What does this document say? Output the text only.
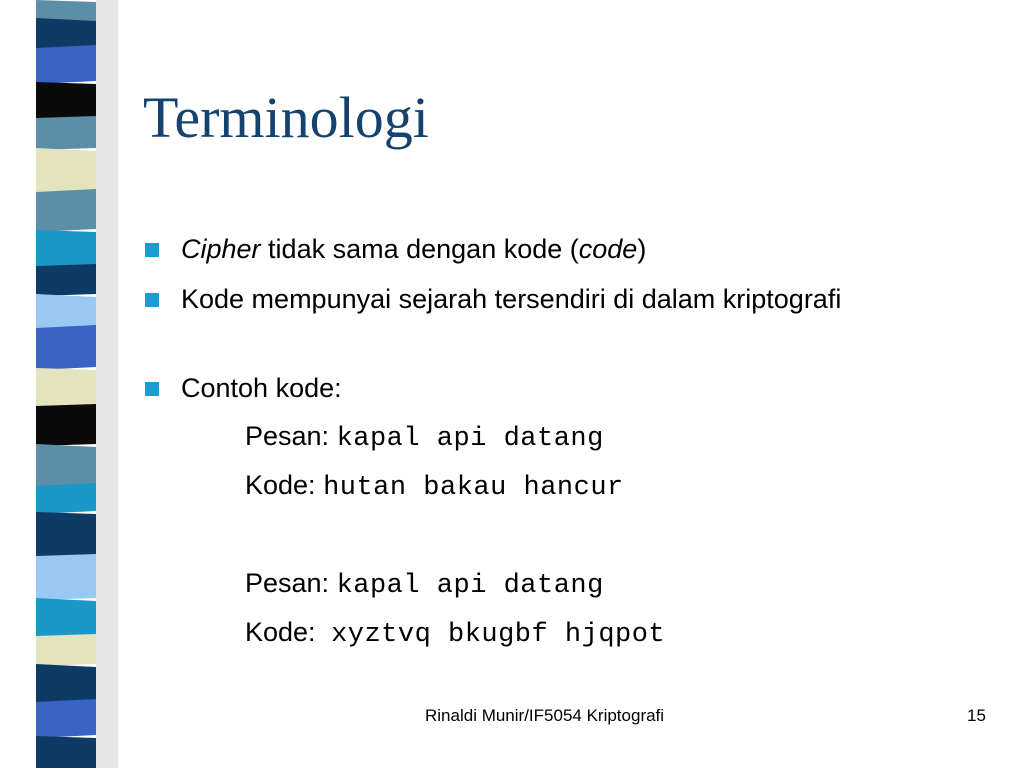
Terminologi
Cipher tidak sama dengan kode (code)
Kode mempunyai sejarah tersendiri di dalam kriptografi
Contoh kode:
Pesan: kapal api datang
Kode: hutan bakau hancur
Pesan: kapal api datang
Kode: xyztvq bkugbf hjqpot
Rinaldi Munir/IF5054 Kriptografi	15
